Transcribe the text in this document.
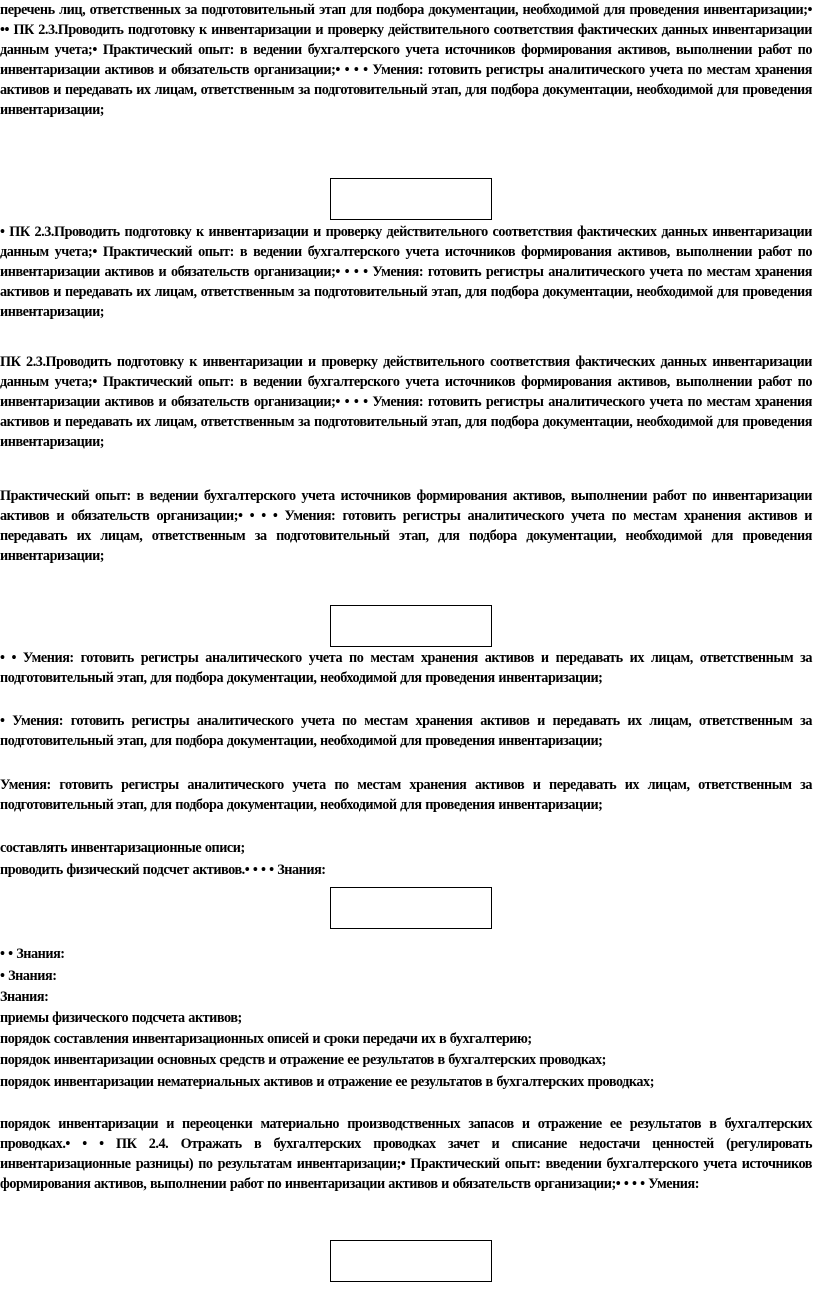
перечень лиц, ответственных за подготовительный этап для подбора документации, необходимой для проведения инвентаризации;• •• ПК 2.3.Проводить подготовку к инвентаризации и проверку действительного соответствия фактических данных инвентаризации данным учета;• Практический опыт: в ведении бухгалтерского учета источников формирования активов, выполнении работ по инвентаризации активов и обязательств организации;• • • • Умения: готовить регистры аналитического учета по местам хранения активов и передавать их лицам, ответственным за подготовительный этап, для подбора документации, необходимой для проведения инвентаризации;
• ПК 2.3.Проводить подготовку к инвентаризации и проверку действительного соответствия фактических данных инвентаризации данным учета;• Практический опыт: в ведении бухгалтерского учета источников формирования активов, выполнении работ по инвентаризации активов и обязательств организации;• • • • Умения: готовить регистры аналитического учета по местам хранения активов и передавать их лицам, ответственным за подготовительный этап, для подбора документации, необходимой для проведения инвентаризации;
ПК 2.3.Проводить подготовку к инвентаризации и проверку действительного соответствия фактических данных инвентаризации данным учета;• Практический опыт: в ведении бухгалтерского учета источников формирования активов, выполнении работ по инвентаризации активов и обязательств организации;• • • • Умения: готовить регистры аналитического учета по местам хранения активов и передавать их лицам, ответственным за подготовительный этап, для подбора документации, необходимой для проведения инвентаризации;
Практический опыт: в ведении бухгалтерского учета источников формирования активов, выполнении работ по инвентаризации активов и обязательств организации;• • • • Умения: готовить регистры аналитического учета по местам хранения активов и передавать их лицам, ответственным за подготовительный этап, для подбора документации, необходимой для проведения инвентаризации;
• • Умения: готовить регистры аналитического учета по местам хранения активов и передавать их лицам, ответственным за подготовительный этап, для подбора документации, необходимой для проведения инвентаризации;
• Умения: готовить регистры аналитического учета по местам хранения активов и передавать их лицам, ответственным за подготовительный этап, для подбора документации, необходимой для проведения инвентаризации;
Умения: готовить регистры аналитического учета по местам хранения активов и передавать их лицам, ответственным за подготовительный этап, для подбора документации, необходимой для проведения инвентаризации;
составлять инвентаризационные описи;
проводить физический подсчет активов.• • • • Знания:
• • Знания:
• Знания:
Знания:
приемы физического подсчета активов;
порядок составления инвентаризационных описей и сроки передачи их в бухгалтерию;
порядок инвентаризации основных средств и отражение ее результатов в бухгалтерских проводках;
порядок инвентаризации нематериальных активов и отражение ее результатов в бухгалтерских проводках;
порядок инвентаризации и переоценки материально производственных запасов и отражение ее результатов в бухгалтерских проводках.• • • ПК 2.4. Отражать в бухгалтерских проводках зачет и списание недостачи ценностей (регулировать инвентаризационные разницы) по результатам инвентаризации;• Практический опыт: введении бухгалтерского учета источников формирования активов, выполнении работ по инвентаризации активов и обязательств организации;• • • • Умения:
